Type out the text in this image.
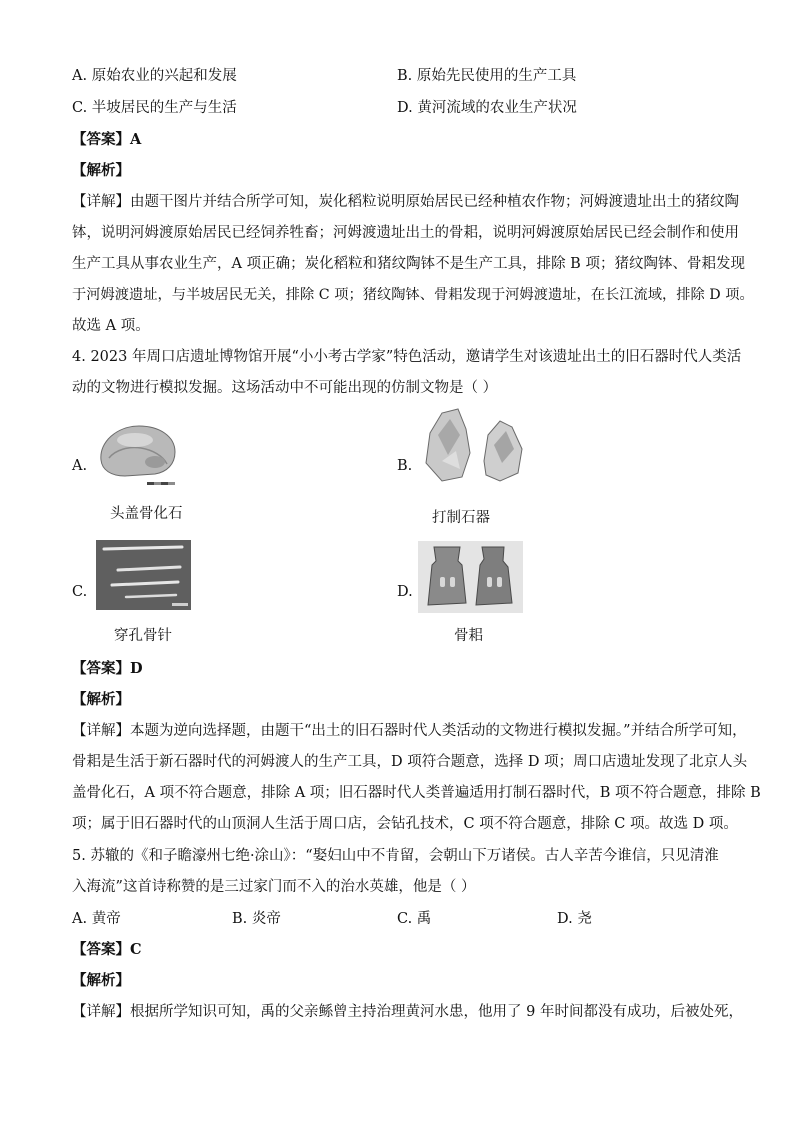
A. 原始农业的兴起和发展	B. 原始先民使用的生产工具
C. 半坡居民的生产与生活	D. 黄河流域的农业生产状况
【答案】A
【解析】
【详解】由题干图片并结合所学可知，炭化稻粒说明原始居民已经种植农作物；河姆渡遗址出土的猪纹陶
钵，说明河姆渡原始居民已经饲养牲畜；河姆渡遗址出土的骨耜，说明河姆渡原始居民已经会制作和使用
生产工具从事农业生产，A 项正确；炭化稻粒和猪纹陶钵不是生产工具，排除 B 项；猪纹陶钵、骨耜发现
于河姆渡遗址，与半坡居民无关，排除 C 项；猪纹陶钵、骨耜发现于河姆渡遗址，在长江流域，排除 D 项。
故选 A 项。
4. 2023 年周口店遗址博物馆开展“小小考古学家”特色活动，邀请学生对该遗址出土的旧石器时代人类活
动的文物进行模拟发掘。这场活动中不可能出现的仿制文物是（ ）
A.
头盖骨化石
B.
打制石器
C.
穿孔骨针
D.
骨耜
【答案】D
【解析】
【详解】本题为逆向选择题，由题干“出土的旧石器时代人类活动的文物进行模拟发掘。”并结合所学可知，
骨耜是生活于新石器时代的河姆渡人的生产工具，D 项符合题意，选择 D 项；周口店遗址发现了北京人头
盖骨化石，A 项不符合题意，排除 A 项；旧石器时代人类普遍适用打制石器时代，B 项不符合题意，排除 B
项；属于旧石器时代的山顶洞人生活于周口店，会钻孔技术，C 项不符合题意，排除 C 项。故选 D 项。
5. 苏辙的《和子瞻濠州七绝·涂山》：“娶妇山中不肯留，会朝山下万诸侯。古人辛苦今谁信，只见清淮
入海流”这首诗称赞的是三过家门而不入的治水英雄，他是（ ）
A. 黄帝	B. 炎帝	C. 禹	D. 尧
【答案】C
【解析】
【详解】根据所学知识可知，禹的父亲鲧曾主持治理黄河水患，他用了 9 年时间都没有成功，后被处死，
